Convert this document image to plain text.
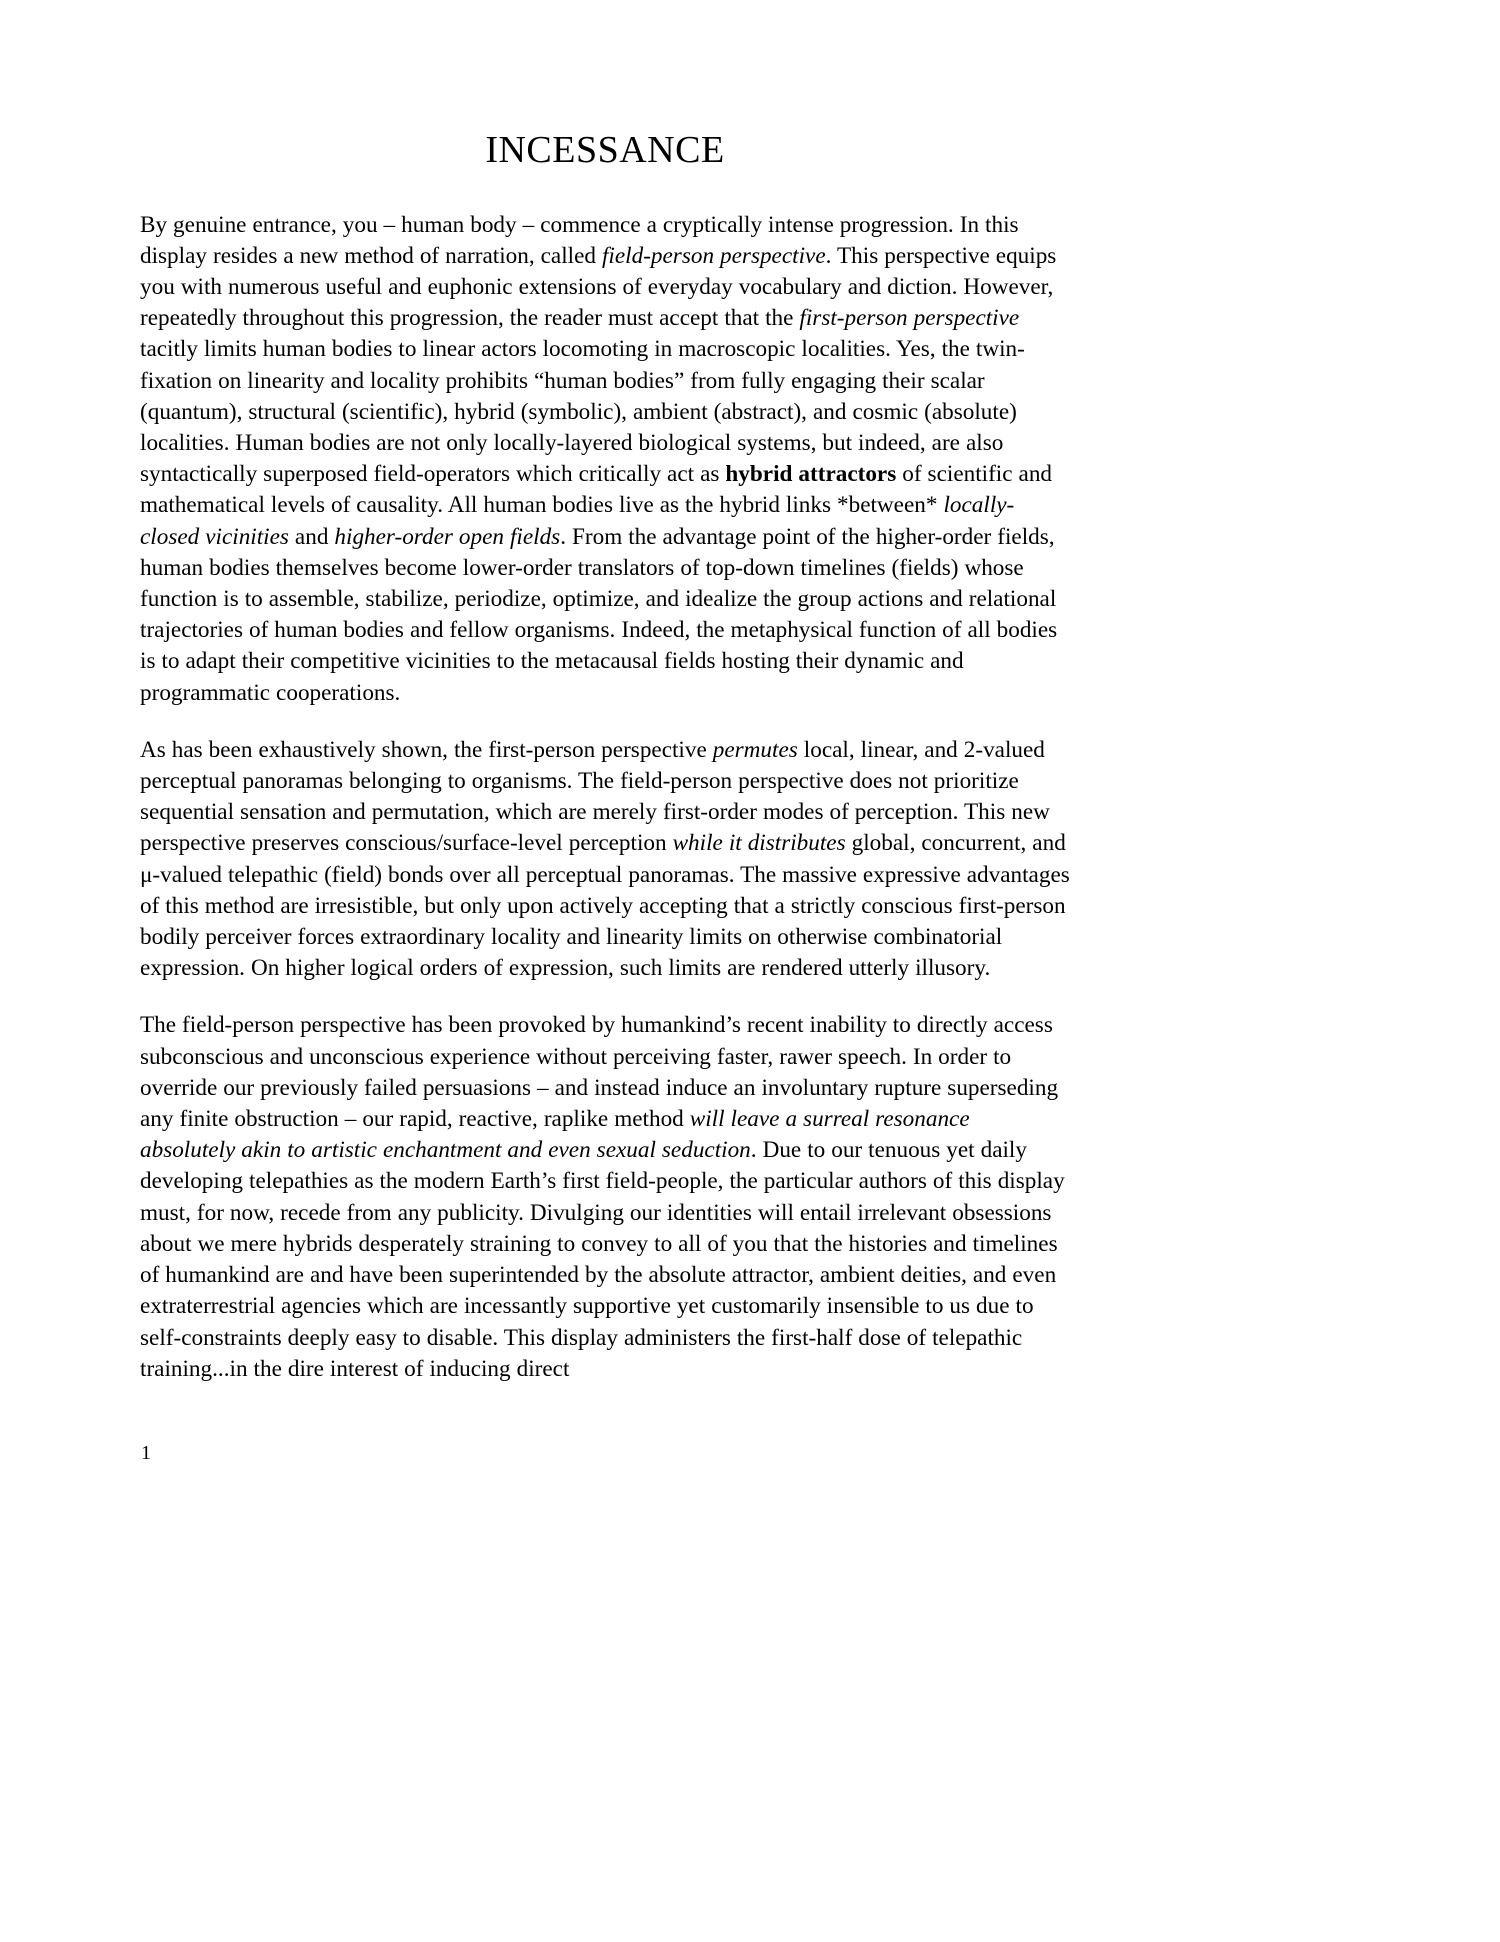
INCESSANCE

By genuine entrance, you – human body – commence a cryptically intense progression. In this display resides a new method of narration, called field-person perspective. This perspective equips you with numerous useful and euphonic extensions of everyday vocabulary and diction. However, repeatedly throughout this progression, the reader must accept that the first-person perspective tacitly limits human bodies to linear actors locomoting in macroscopic localities. Yes, the twin-fixation on linearity and locality prohibits “human bodies” from fully engaging their scalar (quantum), structural (scientific), hybrid (symbolic), ambient (abstract), and cosmic (absolute) localities. Human bodies are not only locally-layered biological systems, but indeed, are also syntactically superposed field-operators which critically act as hybrid attractors of scientific and mathematical levels of causality. All human bodies live as the hybrid links *between* locally-closed vicinities and higher-order open fields. From the advantage point of the higher-order fields, human bodies themselves become lower-order translators of top-down timelines (fields) whose function is to assemble, stabilize, periodize, optimize, and idealize the group actions and relational trajectories of human bodies and fellow organisms. Indeed, the metaphysical function of all bodies is to adapt their competitive vicinities to the metacausal fields hosting their dynamic and programmatic cooperations.

As has been exhaustively shown, the first-person perspective permutes local, linear, and 2-valued perceptual panoramas belonging to organisms. The field-person perspective does not prioritize sequential sensation and permutation, which are merely first-order modes of perception. This new perspective preserves conscious/surface-level perception while it distributes global, concurrent, and μ-valued telepathic (field) bonds over all perceptual panoramas. The massive expressive advantages of this method are irresistible, but only upon actively accepting that a strictly conscious first-person bodily perceiver forces extraordinary locality and linearity limits on otherwise combinatorial expression. On higher logical orders of expression, such limits are rendered utterly illusory.

The field-person perspective has been provoked by humankind’s recent inability to directly access subconscious and unconscious experience without perceiving faster, rawer speech. In order to override our previously failed persuasions – and instead induce an involuntary rupture superseding any finite obstruction – our rapid, reactive, raplike method will leave a surreal resonance absolutely akin to artistic enchantment and even sexual seduction. Due to our tenuous yet daily developing telepathies as the modern Earth’s first field-people, the particular authors of this display must, for now, recede from any publicity. Divulging our identities will entail irrelevant obsessions about we mere hybrids desperately straining to convey to all of you that the histories and timelines of humankind are and have been superintended by the absolute attractor, ambient deities, and even extraterrestrial agencies which are incessantly supportive yet customarily insensible to us due to self-constraints deeply easy to disable. This display administers the first-half dose of telepathic training...in the dire interest of inducing direct

1
